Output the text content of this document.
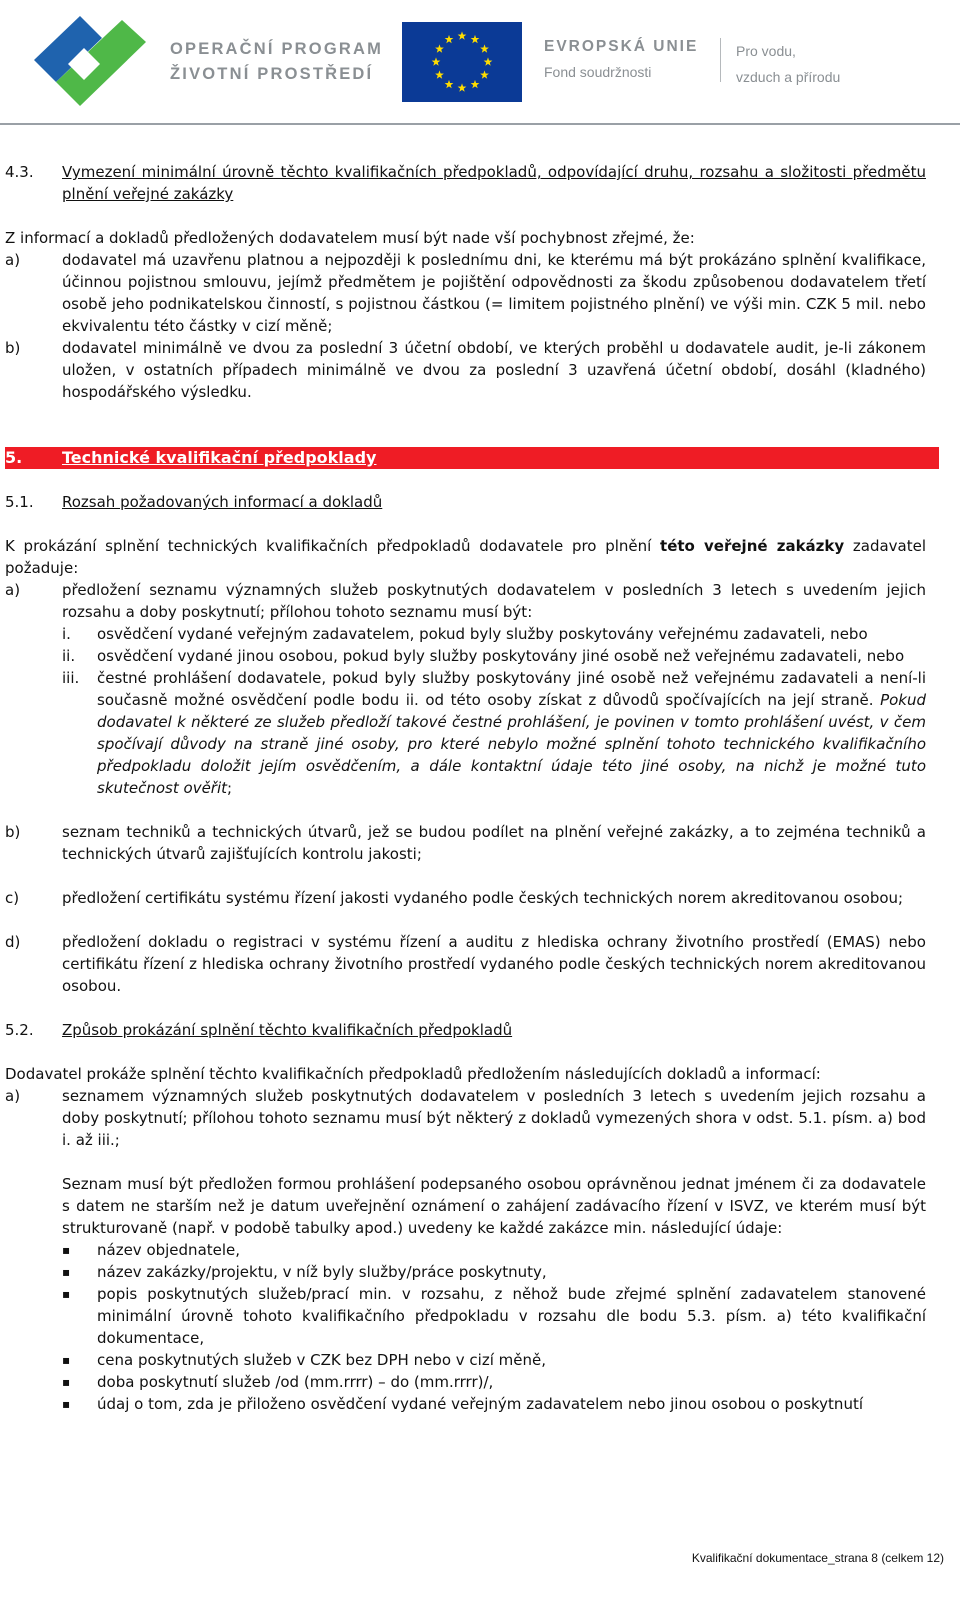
OPERAČNÍ PROGRAM
ŽIVOTNÍ PROSTŘEDÍ
EVROPSKÁ UNIE
Fond soudržnosti
Pro vodu,
vzduch a přírodu
4.3.	Vymezení minimální úrovně těchto kvalifikačních předpokladů, odpovídající druhu, rozsahu a složitosti předmětu plnění veřejné zakázky

Z informací a dokladů předložených dodavatelem musí být nade vší pochybnost zřejmé, že:

a)	dodavatel má uzavřenu platnou a nejpozději k poslednímu dni, ke kterému má být prokázáno splnění kvalifikace, účinnou pojistnou smlouvu, jejímž předmětem je pojištění odpovědnosti za škodu způsobenou dodavatelem třetí osobě jeho podnikatelskou činností, s pojistnou částkou (= limitem pojistného plnění) ve výši min. CZK 5 mil. nebo ekvivalentu této částky v cizí měně;
b)	dodavatel minimálně ve dvou za poslední 3 účetní období, ve kterých proběhl u dodavatele audit, je-li zákonem uložen, v ostatních případech minimálně ve dvou za poslední 3 uzavřená účetní období, dosáhl (kladného) hospodářského výsledku.
5.	Technické kvalifikační předpoklady
5.1.	Rozsah požadovaných informací a dokladů

K prokázání splnění technických kvalifikačních předpokladů dodavatele pro plnění této veřejné zakázky zadavatel požaduje:

a)	předložení seznamu významných služeb poskytnutých dodavatelem v posledních 3 letech s uvedením jejich rozsahu a doby poskytnutí; přílohou tohoto seznamu musí být:
i.	osvědčení vydané veřejným zadavatelem, pokud byly služby poskytovány veřejnému zadavateli, nebo
ii.	osvědčení vydané jinou osobou, pokud byly služby poskytovány jiné osobě než veřejnému zadavateli, nebo
iii.	čestné prohlášení dodavatele, pokud byly služby poskytovány jiné osobě než veřejnému zadavateli a není-li současně možné osvědčení podle bodu ii. od této osoby získat z důvodů spočívajících na její straně. Pokud dodavatel k některé ze služeb předloží takové čestné prohlášení, je povinen v tomto prohlášení uvést, v čem spočívají důvody na straně jiné osoby, pro které nebylo možné splnění tohoto technického kvalifikačního předpokladu doložit jejím osvědčením, a dále kontaktní údaje této jiné osoby, na nichž je možné tuto skutečnost ověřit;
b)	seznam techniků a technických útvarů, jež se budou podílet na plnění veřejné zakázky, a to zejména techniků a technických útvarů zajišťujících kontrolu jakosti;
c)	předložení certifikátu systému řízení jakosti vydaného podle českých technických norem akreditovanou osobou;
d)	předložení dokladu o registraci v systému řízení a auditu z hlediska ochrany životního prostředí (EMAS) nebo certifikátu řízení z hlediska ochrany životního prostředí vydaného podle českých technických norem akreditovanou osobou.
5.2.	Způsob prokázání splnění těchto kvalifikačních předpokladů

Dodavatel prokáže splnění těchto kvalifikačních předpokladů předložením následujících dokladů a informací:

a)	seznamem významných služeb poskytnutých dodavatelem v posledních 3 letech s uvedením jejich rozsahu a doby poskytnutí; přílohou tohoto seznamu musí být některý z dokladů vymezených shora v odst. 5.1. písm. a) bod i. až iii.;

Seznam musí být předložen formou prohlášení podepsaného osobou oprávněnou jednat jménem či za dodavatele s datem ne starším než je datum uveřejnění oznámení o zahájení zadávacího řízení v ISVZ, ve kterém musí být strukturovaně (např. v podobě tabulky apod.) uvedeny ke každé zakázce min. následující údaje:

▪	název objednatele,
▪	název zakázky/projektu, v níž byly služby/práce poskytnuty,
▪	popis poskytnutých služeb/prací min. v rozsahu, z něhož bude zřejmé splnění zadavatelem stanovené minimální úrovně tohoto kvalifikačního předpokladu v rozsahu dle bodu 5.3. písm. a) této kvalifikační dokumentace,
▪	cena poskytnutých služeb v CZK bez DPH nebo v cizí měně,
▪	doba poskytnutí služeb /od (mm.rrrr) – do (mm.rrrr)/,
▪	údaj o tom, zda je přiloženo osvědčení vydané veřejným zadavatelem nebo jinou osobou o poskytnutí
Kvalifikační dokumentace_strana 8 (celkem 12)
